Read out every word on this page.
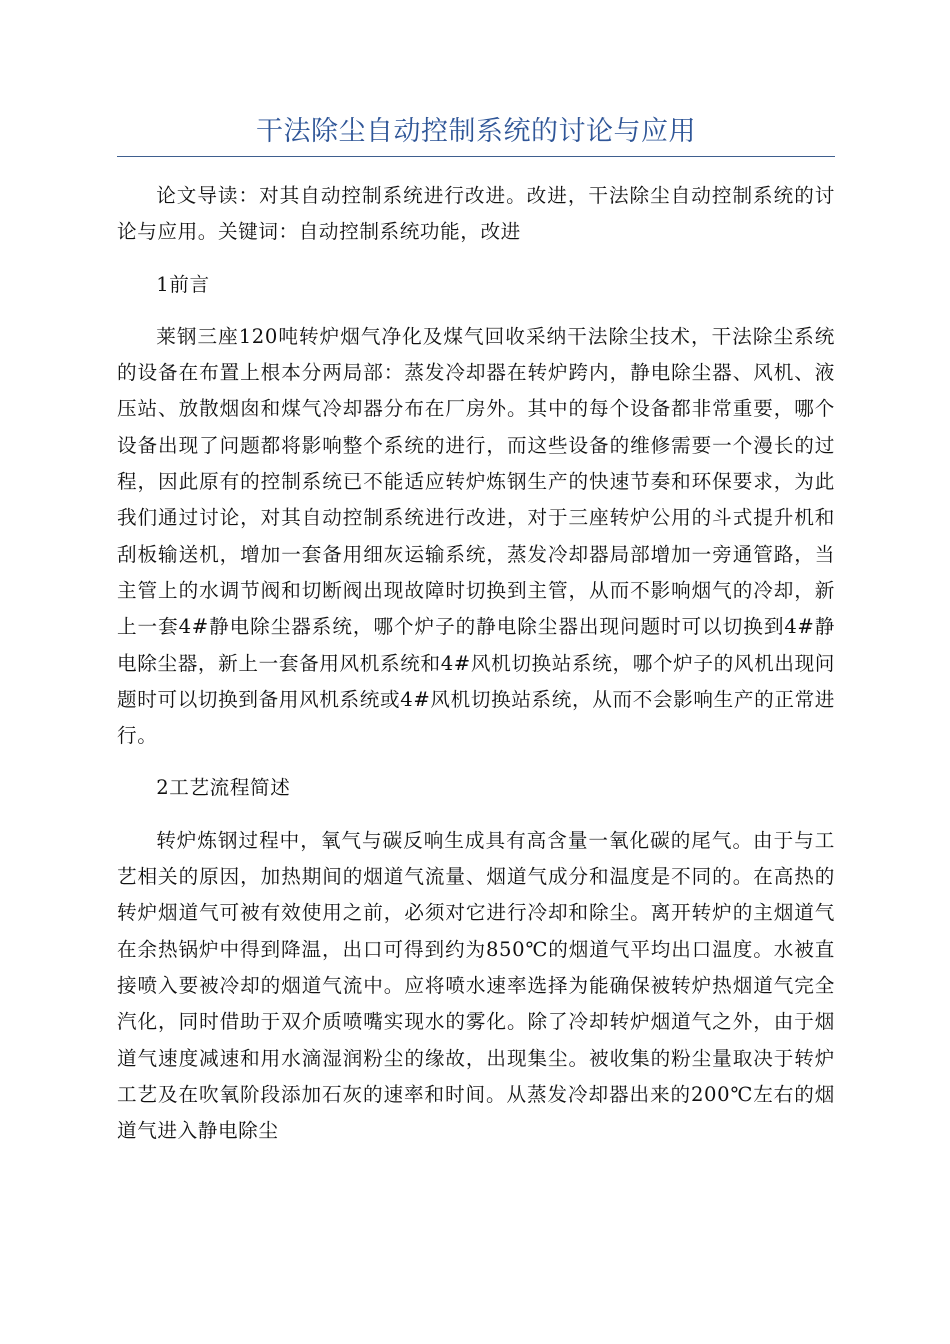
干法除尘自动控制系统的讨论与应用

论文导读：对其自动控制系统进行改进。改进，干法除尘自动控制系统的讨论与应用。关键词：自动控制系统功能，改进

1前言

莱钢三座120吨转炉烟气净化及煤气回收采纳干法除尘技术，干法除尘系统的设备在布置上根本分两局部：蒸发冷却器在转炉跨内，静电除尘器、风机、液压站、放散烟囱和煤气冷却器分布在厂房外。其中的每个设备都非常重要，哪个设备出现了问题都将影响整个系统的进行，而这些设备的维修需要一个漫长的过程，因此原有的控制系统已不能适应转炉炼钢生产的快速节奏和环保要求，为此我们通过讨论，对其自动控制系统进行改进，对于三座转炉公用的斗式提升机和刮板输送机，增加一套备用细灰运输系统，蒸发冷却器局部增加一旁通管路，当主管上的水调节阀和切断阀出现故障时切换到主管，从而不影响烟气的冷却，新上一套4#静电除尘器系统，哪个炉子的静电除尘器出现问题时可以切换到4#静电除尘器，新上一套备用风机系统和4#风机切换站系统，哪个炉子的风机出现问题时可以切换到备用风机系统或4#风机切换站系统，从而不会影响生产的正常进行。

2工艺流程简述

转炉炼钢过程中，氧气与碳反响生成具有高含量一氧化碳的尾气。由于与工艺相关的原因，加热期间的烟道气流量、烟道气成分和温度是不同的。在高热的转炉烟道气可被有效使用之前，必须对它进行冷却和除尘。离开转炉的主烟道气在余热锅炉中得到降温，出口可得到约为850℃的烟道气平均出口温度。水被直接喷入要被冷却的烟道气流中。应将喷水速率选择为能确保被转炉热烟道气完全汽化，同时借助于双介质喷嘴实现水的雾化。除了冷却转炉烟道气之外，由于烟道气速度减速和用水滴湿润粉尘的缘故，出现集尘。被收集的粉尘量取决于转炉工艺及在吹氧阶段添加石灰的速率和时间。从蒸发冷却器出来的200℃左右的烟道气进入静电除尘
